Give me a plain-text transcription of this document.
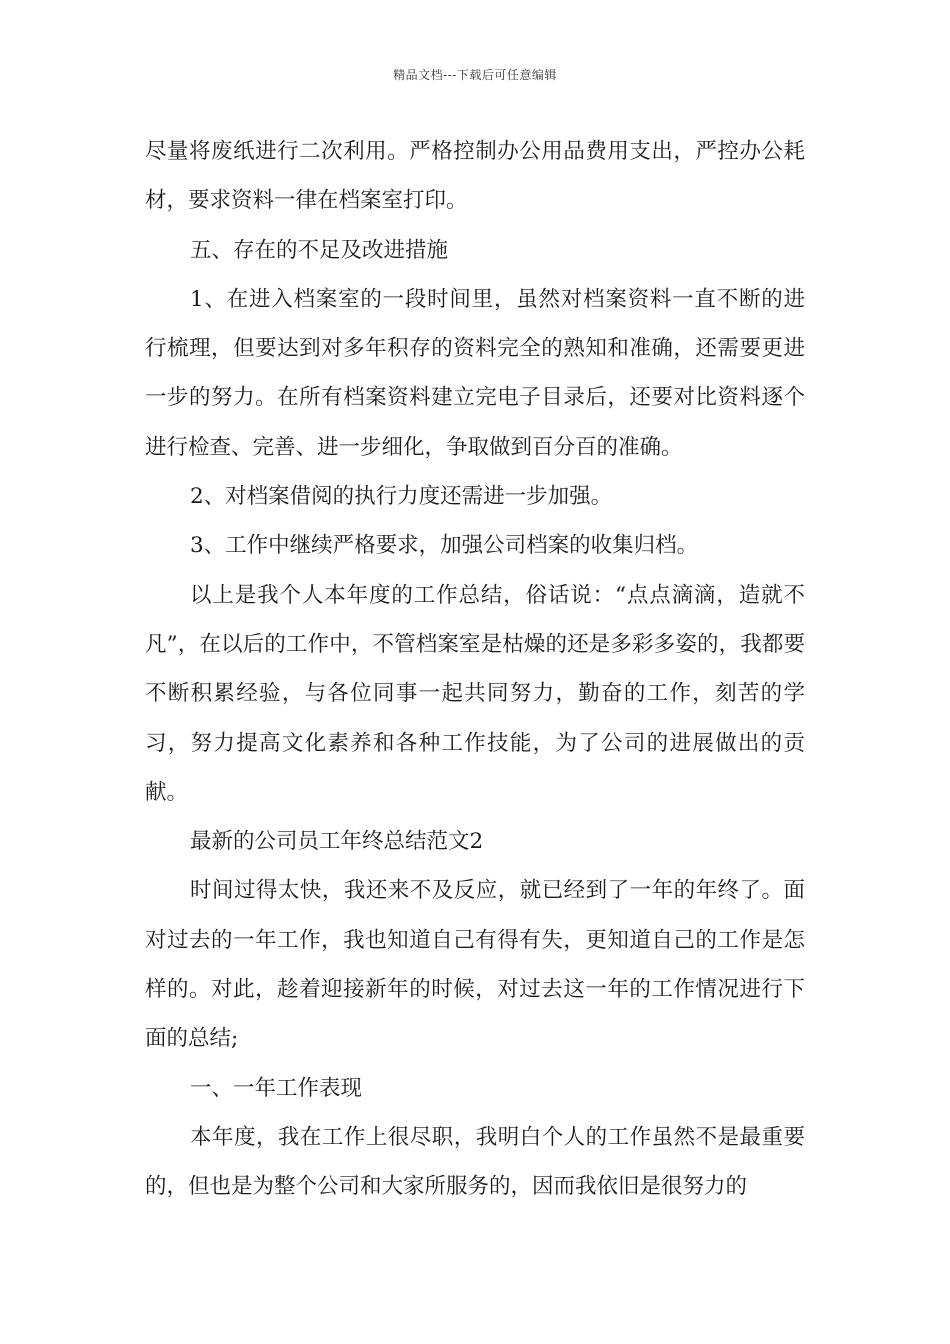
精品文档---下载后可任意编辑

尽量将废纸进行二次利用。严格控制办公用品费用支出，严控办公耗材，要求资料一律在档案室打印。

五、存在的不足及改进措施

1、在进入档案室的一段时间里，虽然对档案资料一直不断的进行梳理，但要达到对多年积存的资料完全的熟知和准确，还需要更进一步的努力。在所有档案资料建立完电子目录后，还要对比资料逐个进行检查、完善、进一步细化，争取做到百分百的准确。

2、对档案借阅的执行力度还需进一步加强。

3、工作中继续严格要求，加强公司档案的收集归档。

以上是我个人本年度的工作总结，俗话说：“点点滴滴，造就不凡”，在以后的工作中，不管档案室是枯燥的还是多彩多姿的，我都要不断积累经验，与各位同事一起共同努力，勤奋的工作，刻苦的学习，努力提高文化素养和各种工作技能，为了公司的进展做出的贡献。

最新的公司员工年终总结范文2

时间过得太快，我还来不及反应，就已经到了一年的年终了。面对过去的一年工作，我也知道自己有得有失，更知道自己的工作是怎样的。对此，趁着迎接新年的时候，对过去这一年的工作情况进行下面的总结;

一、一年工作表现

本年度，我在工作上很尽职，我明白个人的工作虽然不是最重要的，但也是为整个公司和大家所服务的，因而我依旧是很努力的
